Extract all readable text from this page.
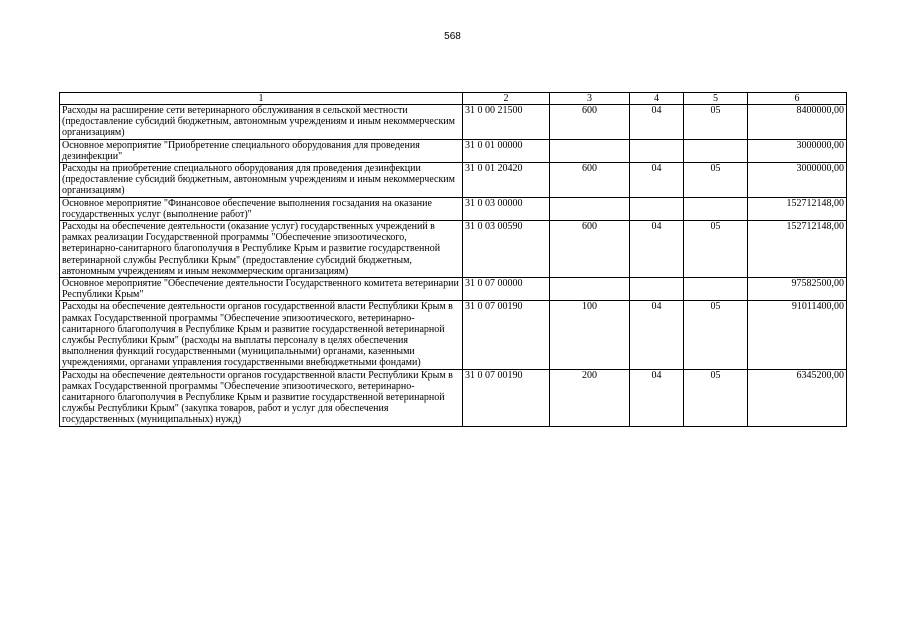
568
1	2	3	4	5	6
Расходы на расширение сети ветеринарного обслуживания в сельской местности (предоставление субсидий бюджетным, автономным учреждениям и иным некоммерческим организациям)	31 0 00 21500	600	04	05	8400000,00
Основное мероприятие "Приобретение специального оборудования для проведения дезинфекции"	31 0 01 00000				3000000,00
Расходы на приобретение специального оборудования для проведения дезинфекции (предоставление субсидий бюджетным, автономным учреждениям и иным некоммерческим организациям)	31 0 01 20420	600	04	05	3000000,00
Основное мероприятие "Финансовое обеспечение выполнения госзадания на оказание государственных услуг (выполнение работ)"	31 0 03 00000				152712148,00
Расходы на обеспечение деятельности (оказание услуг) государственных учреждений в рамках реализации Государственной программы "Обеспечение эпизоотического, ветеринарно-санитарного благополучия в Республике Крым и развитие государственной ветеринарной службы Республики Крым" (предоставление субсидий бюджетным, автономным учреждениям и иным некоммерческим организациям)	31 0 03 00590	600	04	05	152712148,00
Основное мероприятие "Обеспечение деятельности Государственного комитета ветеринарии Республики Крым"	31 0 07 00000				97582500,00
Расходы на обеспечение деятельности органов государственной власти Республики Крым в рамках Государственной программы "Обеспечение эпизоотического, ветеринарно-санитарного благополучия в Республике Крым и развитие государственной ветеринарной службы Республики Крым" (расходы на выплаты персоналу в целях обеспечения выполнения функций государственными (муниципальными) органами, казенными учреждениями, органами управления государственными внебюджетными фондами)	31 0 07 00190	100	04	05	91011400,00
Расходы на обеспечение деятельности органов государственной власти Республики Крым в рамках Государственной программы "Обеспечение эпизоотического, ветеринарно-санитарного благополучия в Республике Крым и развитие государственной ветеринарной службы Республики Крым" (закупка товаров, работ и услуг для обеспечения государственных (муниципальных) нужд)	31 0 07 00190	200	04	05	6345200,00
